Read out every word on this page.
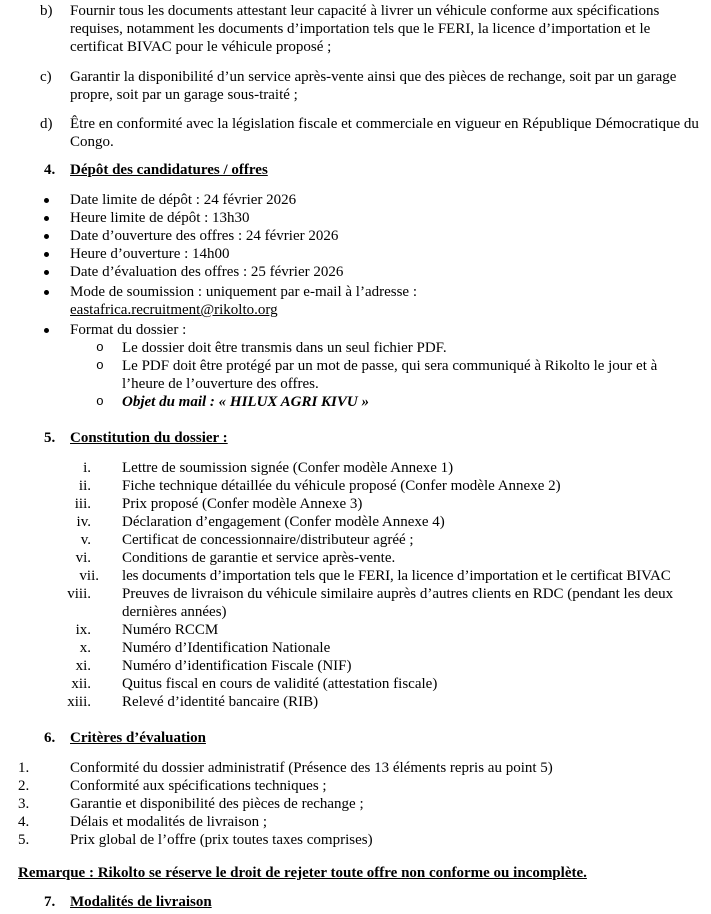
b) Fournir tous les documents attestant leur capacité à livrer un véhicule conforme aux spécifications requises, notamment les documents d’importation tels que le FERI, la licence d’importation et le certificat BIVAC pour le véhicule proposé ;
c) Garantir la disponibilité d’un service après-vente ainsi que des pièces de rechange, soit par un garage propre, soit par un garage sous-traité ;
d) Être en conformité avec la législation fiscale et commerciale en vigueur en République Démocratique du Congo.
4. Dépôt des candidatures / offres
Date limite de dépôt : 24 février 2026
Heure limite de dépôt : 13h30
Date d’ouverture des offres : 24 février 2026
Heure d’ouverture : 14h00
Date d’évaluation des offres : 25 février 2026
Mode de soumission : uniquement par e-mail à l’adresse :
eastafrica.recruitment@rikolto.org
Format du dossier :
o Le dossier doit être transmis dans un seul fichier PDF.
o Le PDF doit être protégé par un mot de passe, qui sera communiqué à Rikolto le jour et à l’heure de l’ouverture des offres.
o Objet du mail : « HILUX AGRI KIVU »
5. Constitution du dossier :
i. Lettre de soumission signée (Confer modèle Annexe 1)
ii. Fiche technique détaillée du véhicule proposé (Confer modèle Annexe 2)
iii. Prix proposé (Confer modèle Annexe 3)
iv. Déclaration d’engagement (Confer modèle Annexe 4)
v. Certificat de concessionnaire/distributeur agréé ;
vi. Conditions de garantie et service après-vente.
vii. les documents d’importation tels que le FERI, la licence d’importation et le certificat BIVAC
viii. Preuves de livraison du véhicule similaire auprès d’autres clients en RDC (pendant les deux dernières années)
ix. Numéro RCCM
x. Numéro d’Identification Nationale
xi. Numéro d’identification Fiscale (NIF)
xii. Quitus fiscal en cours de validité (attestation fiscale)
xiii. Relevé d’identité bancaire (RIB)
6. Critères d’évaluation
1.	Conformité du dossier administratif (Présence des 13 éléments repris au point 5)
2.	Conformité aux spécifications techniques ;
3.	Garantie et disponibilité des pièces de rechange ;
4.	Délais et modalités de livraison ;
5.	Prix global de l’offre (prix toutes taxes comprises)
Remarque : Rikolto se réserve le droit de rejeter toute offre non conforme ou incomplète.
7. Modalités de livraison
